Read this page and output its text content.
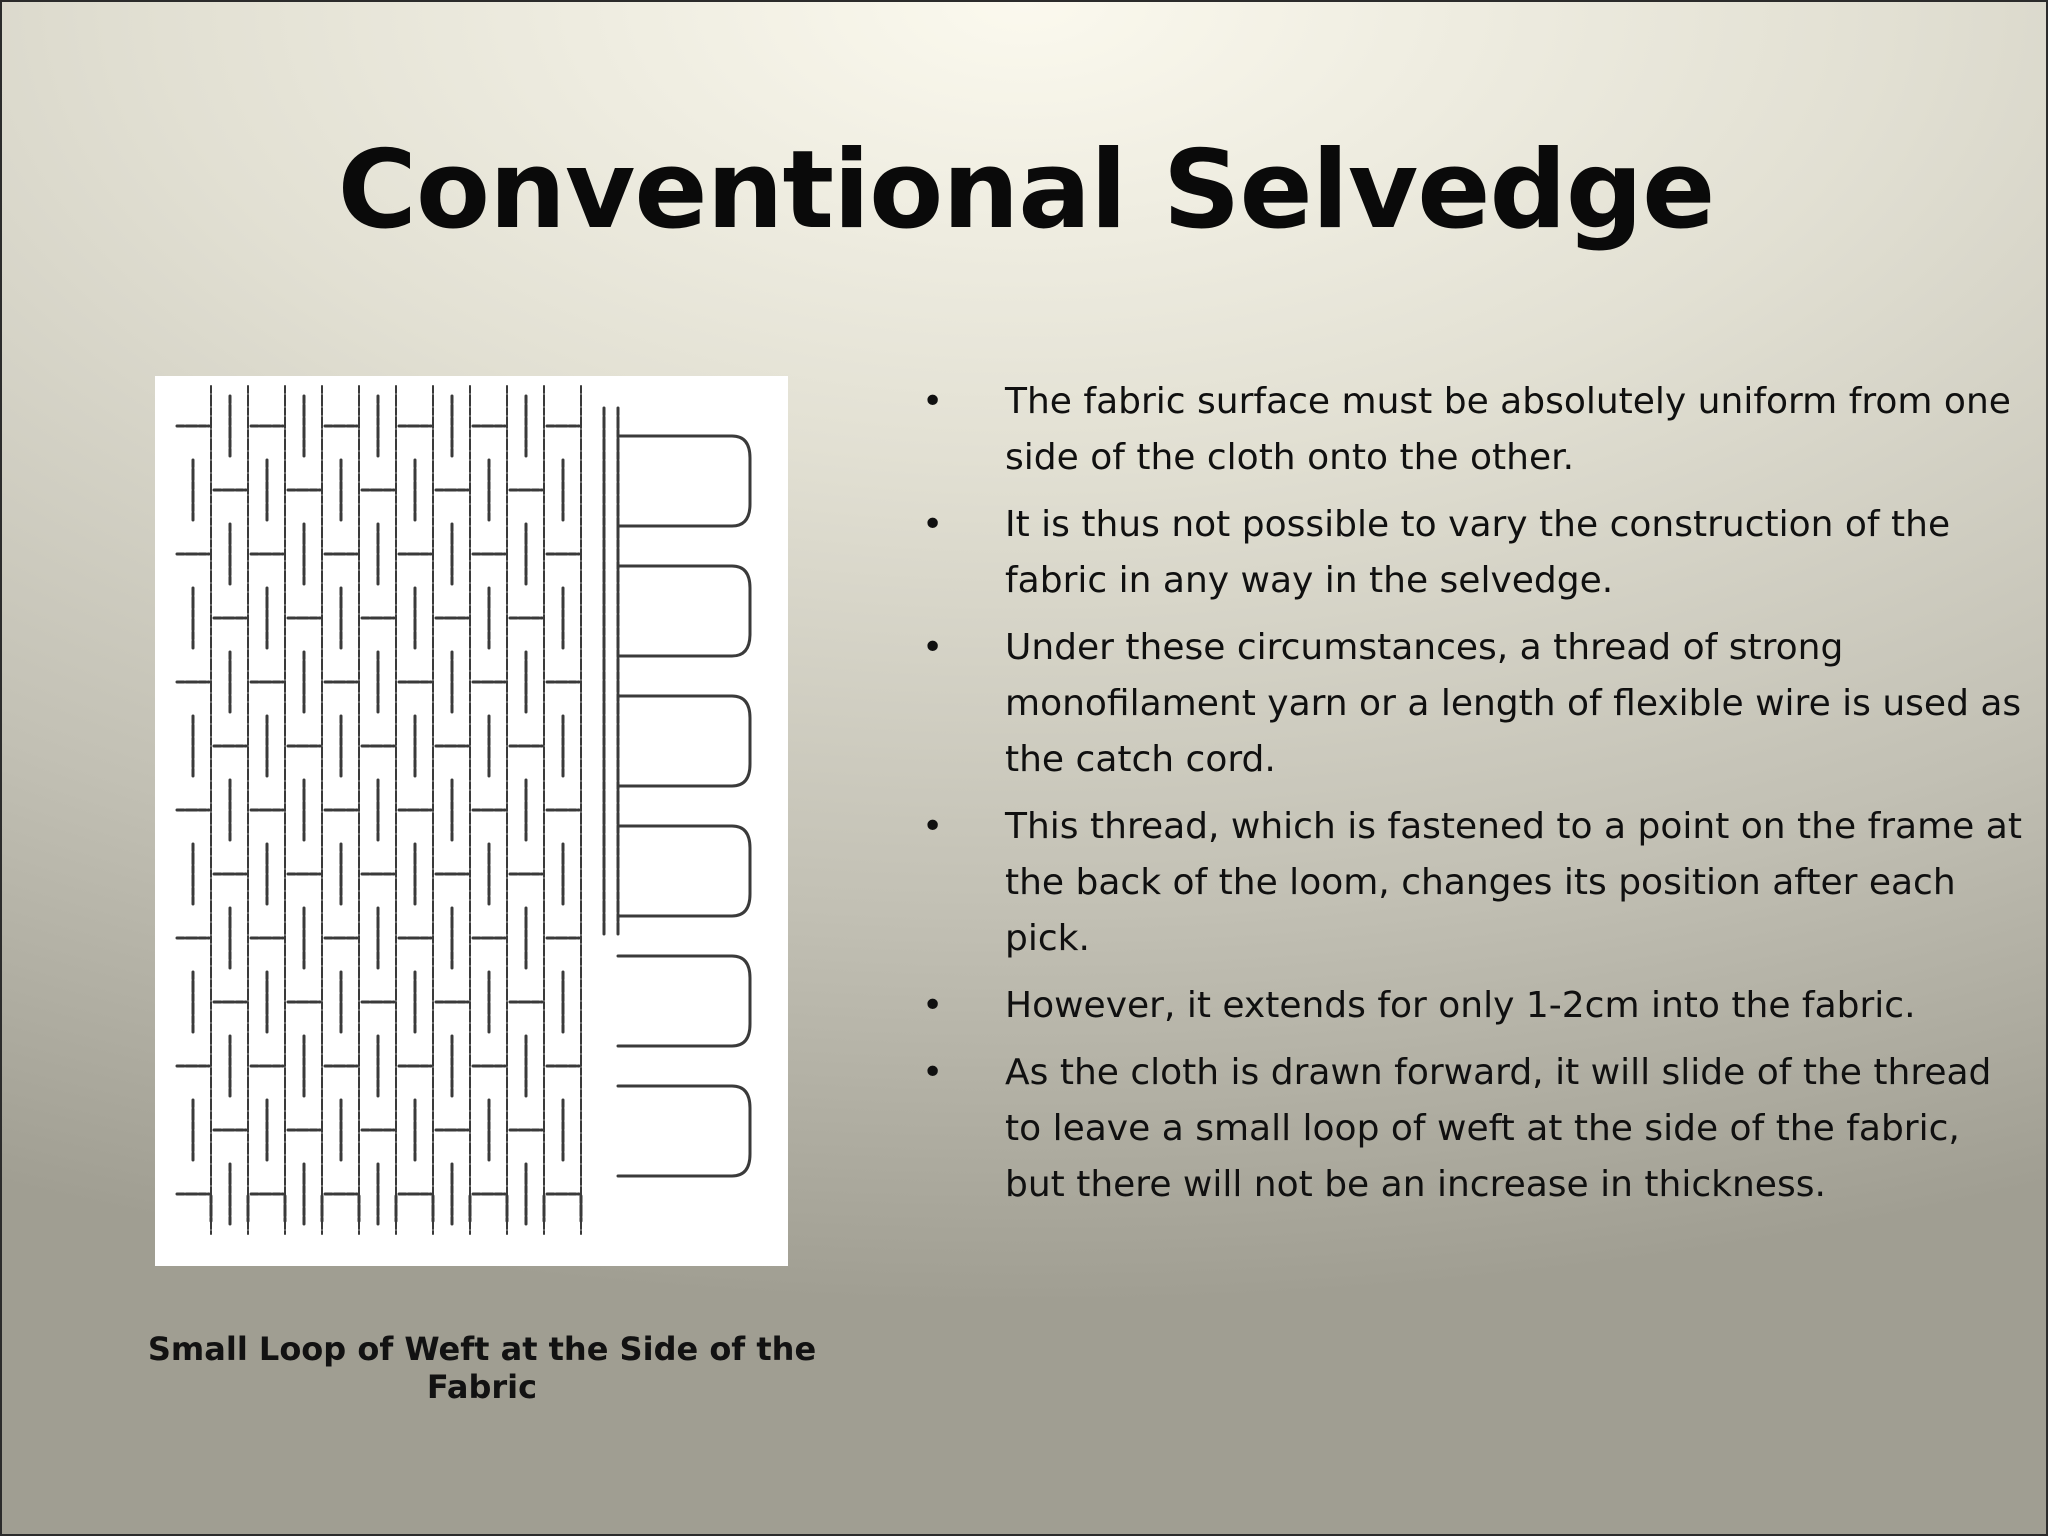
Conventional Selvedge
Small Loop of Weft at the Side of the Fabric
• The fabric surface must be absolutely uniform from one side of the cloth onto the other.
• It is thus not possible to vary the construction of the fabric in any way in the selvedge.
• Under these circumstances, a thread of strong monofilament yarn or a length of flexible wire is used as the catch cord.
• This thread, which is fastened to a point on the frame at the back of the loom, changes its position after each pick.
• However, it extends for only 1-2cm into the fabric.
• As the cloth is drawn forward, it will slide of the thread to leave a small loop of weft at the side of the fabric, but there will not be an increase in thickness.
